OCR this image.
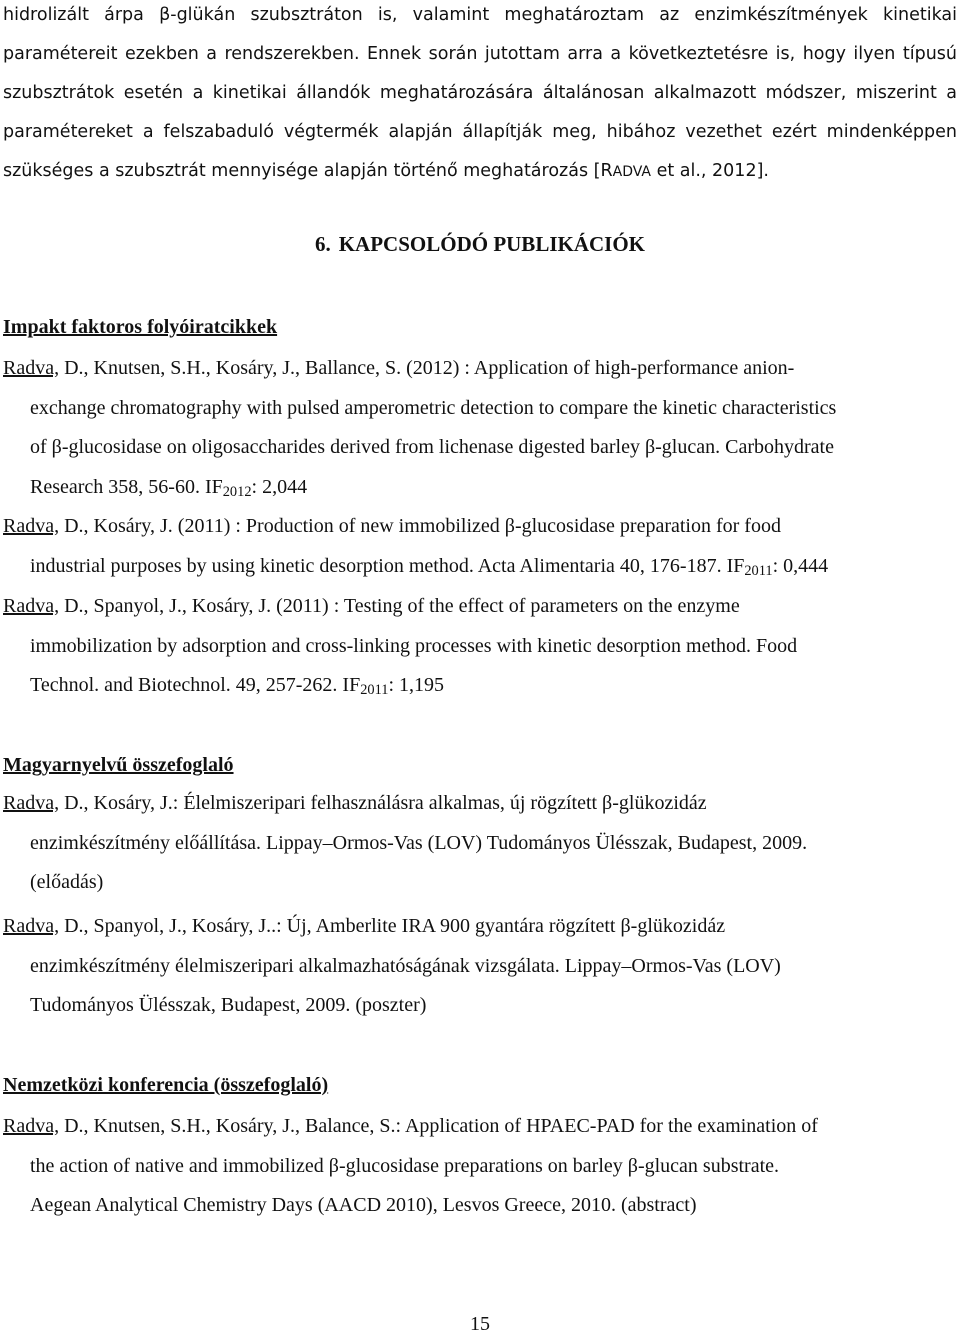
hidrolizált árpa β-glükán szubsztráton is, valamint meghatároztam az enzimkészítmények kinetikai paramétereit ezekben a rendszerekben. Ennek során jutottam arra a következtetésre is, hogy ilyen típusú szubsztrátok esetén a kinetikai állandók meghatározására általánosan alkalmazott módszer, miszerint a paramétereket a felszabaduló végtermék alapján állapítják meg, hibához vezethet ezért mindenképpen szükséges a szubsztrát mennyisége alapján történő meghatározás [RADVA et al., 2012].

6. KAPCSOLÓDÓ PUBLIKÁCIÓK
Impakt faktoros folyóiratcikkek

Radva, D., Knutsen, S.H., Kosáry, J., Ballance, S. (2012) : Application of high-performance anion-
exchange chromatography with pulsed amperometric detection to compare the kinetic characteristics
of β-glucosidase on oligosaccharides derived from lichenase digested barley β-glucan. Carbohydrate
Research 358, 56-60. $IF_{2012}$: 2,044

Radva, D., Kosáry, J. (2011) : Production of new immobilized β-glucosidase preparation for food
industrial purposes by using kinetic desorption method. Acta Alimentaria 40, 176-187. $IF_{2011}$: 0,444

Radva, D., Spanyol, J., Kosáry, J. (2011) : Testing of the effect of parameters on the enzyme
immobilization by adsorption and cross-linking processes with kinetic desorption method. Food
Technol. and Biotechnol. 49, 257-262. $IF_{2011}$: 1,195

Magyarnyelvű összefoglaló

Radva, D., Kosáry, J.: Élelmiszeripari felhasználásra alkalmas, új rögzített β-glükozidáz
enzimkészítmény előállítása. Lippay–Ormos-Vas (LOV) Tudományos Ülésszak, Budapest, 2009.
(előadás)

Radva, D., Spanyol, J., Kosáry, J..: Új, Amberlite IRA 900 gyantára rögzített β-glükozidáz
enzimkészítmény élelmiszeripari alkalmazhatóságának vizsgálata. Lippay–Ormos-Vas (LOV)
Tudományos Ülésszak, Budapest, 2009. (poszter)

Nemzetközi konferencia (összefoglaló)

Radva, D., Knutsen, S.H., Kosáry, J., Balance, S.: Application of HPAEC-PAD for the examination of
the action of native and immobilized β-glucosidase preparations on barley β-glucan substrate.
Aegean Analytical Chemistry Days (AACD 2010), Lesvos Greece, 2010. (abstract)

15
